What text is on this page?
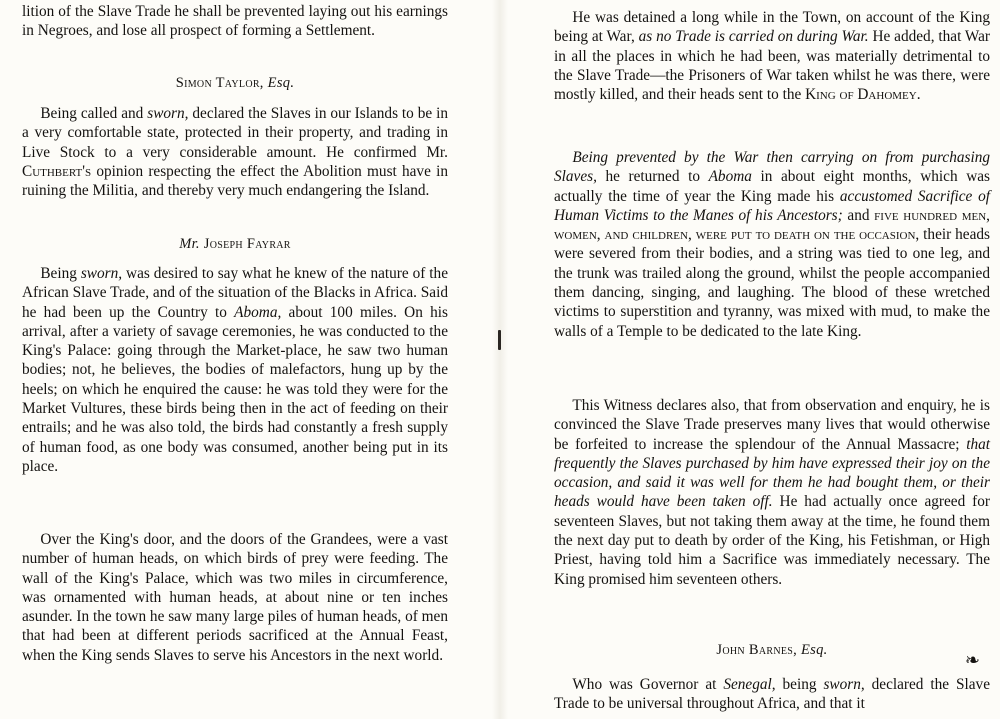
lition of the Slave Trade he shall be prevented laying out his earnings in Negroes, and lose all prospect of forming a Settlement.

Simon Taylor, Esq.

Being called and sworn, declared the Slaves in our Islands to be in a very comfortable state, protected in their property, and trading in Live Stock to a very considerable amount. He confirmed Mr. Cuthbert's opinion respecting the effect the Abolition must have in ruining the Militia, and thereby very much endangering the Island.

Mr. Joseph Fayrar

Being sworn, was desired to say what he knew of the nature of the African Slave Trade, and of the situation of the Blacks in Africa. Said he had been up the Country to Aboma, about 100 miles. On his arrival, after a variety of savage ceremonies, he was conducted to the King's Palace: going through the Market-place, he saw two human bodies; not, he believes, the bodies of malefactors, hung up by the heels; on which he enquired the cause: he was told they were for the Market Vultures, these birds being then in the act of feeding on their entrails; and he was also told, the birds had constantly a fresh supply of human food, as one body was consumed, another being put in its place.

Over the King's door, and the doors of the Grandees, were a vast number of human heads, on which birds of prey were feeding. The wall of the King's Palace, which was two miles in circumference, was ornamented with human heads, at about nine or ten inches asunder. In the town he saw many large piles of human heads, of men that had been at different periods sacrificed at the Annual Feast, when the King sends Slaves to serve his Ancestors in the next world.

He was detained a long while in the Town, on account of the King being at War, as no Trade is carried on during War. He added, that War in all the places in which he had been, was materially detrimental to the Slave Trade—the Prisoners of War taken whilst he was there, were mostly killed, and their heads sent to the King of Dahomey.

Being prevented by the War then carrying on from purchasing Slaves, he returned to Aboma in about eight months, which was actually the time of year the King made his accustomed Sacrifice of Human Victims to the Manes of his Ancestors; and five hundred men, women, and children, were put to death on the occasion, their heads were severed from their bodies, and a string was tied to one leg, and the trunk was trailed along the ground, whilst the people accompanied them dancing, singing, and laughing. The blood of these wretched victims to superstition and tyranny, was mixed with mud, to make the walls of a Temple to be dedicated to the late King.

This Witness declares also, that from observation and enquiry, he is convinced the Slave Trade preserves many lives that would otherwise be forfeited to increase the splendour of the Annual Massacre; that frequently the Slaves purchased by him have expressed their joy on the occasion, and said it was well for them he had bought them, or their heads would have been taken off. He had actually once agreed for seventeen Slaves, but not taking them away at the time, he found them the next day put to death by order of the King, his Fetishman, or High Priest, having told him a Sacrifice was immediately necessary. The King promised him seventeen others.

John Barnes, Esq.	❧

Who was Governor at Senegal, being sworn, declared the Slave Trade to be universal throughout Africa, and that it
